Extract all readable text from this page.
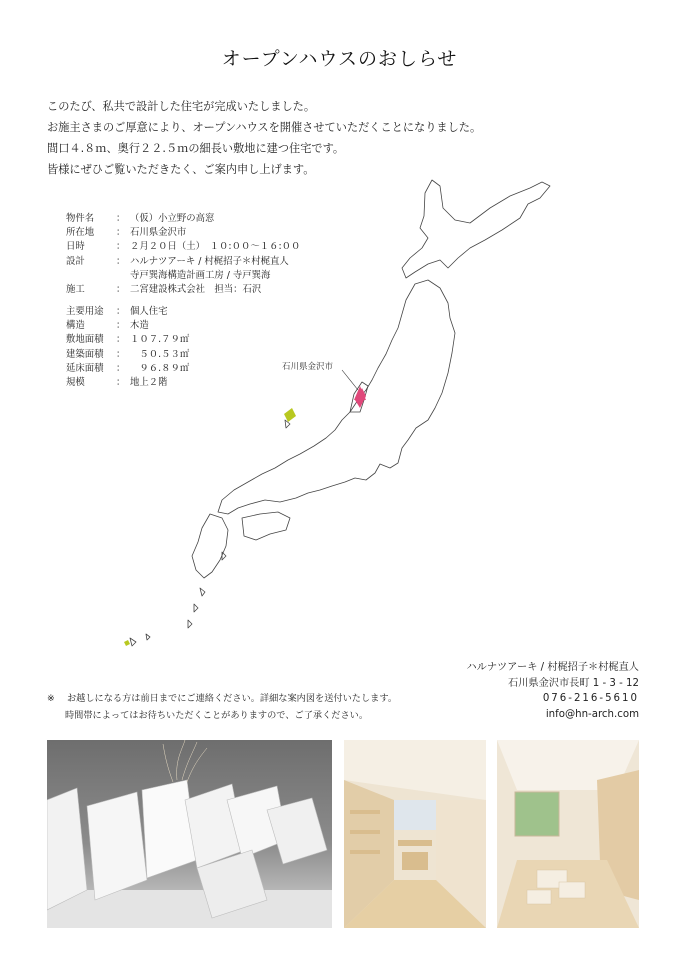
オープンハウスのおしらせ

このたび、私共で設計した住宅が完成いたしました。

お施主さまのご厚意により、オープンハウスを開催させていただくことになりました。

間口４.８ｍ、奥行２２.５ｍの細長い敷地に建つ住宅です。

皆様にぜひご覧いただきたく、ご案内申し上げます。

石川県金沢市
物件名	： （仮）小立野の高窓
所在地	： 石川県金沢市
日時	： ２月２０日（土）　１０:００～１６:００
設計	： ハルナツアーキ / 村梶招子＊村梶直人
寺戸巽海構造計画工房 / 寺戸巽海
施工	： 二宮建設株式会社　担当：石沢
主要用途	： 個人住宅
構造	： 木造
敷地面積	： １０７.７９㎡
建築面積	： 　５０.５３㎡
延床面積	： 　９６.８９㎡
規模	： 地上２階
ハルナツアーキ / 村梶招子＊村梶直人
石川県金沢市長町 1 - 3 - 12
076-216-5610
info@hn-arch.com
※ お越しになる方は前日までにご連絡ください。詳細な案内図を送付いたします。
時間帯によってはお待ちいただくことがありますので、ご了承ください。
